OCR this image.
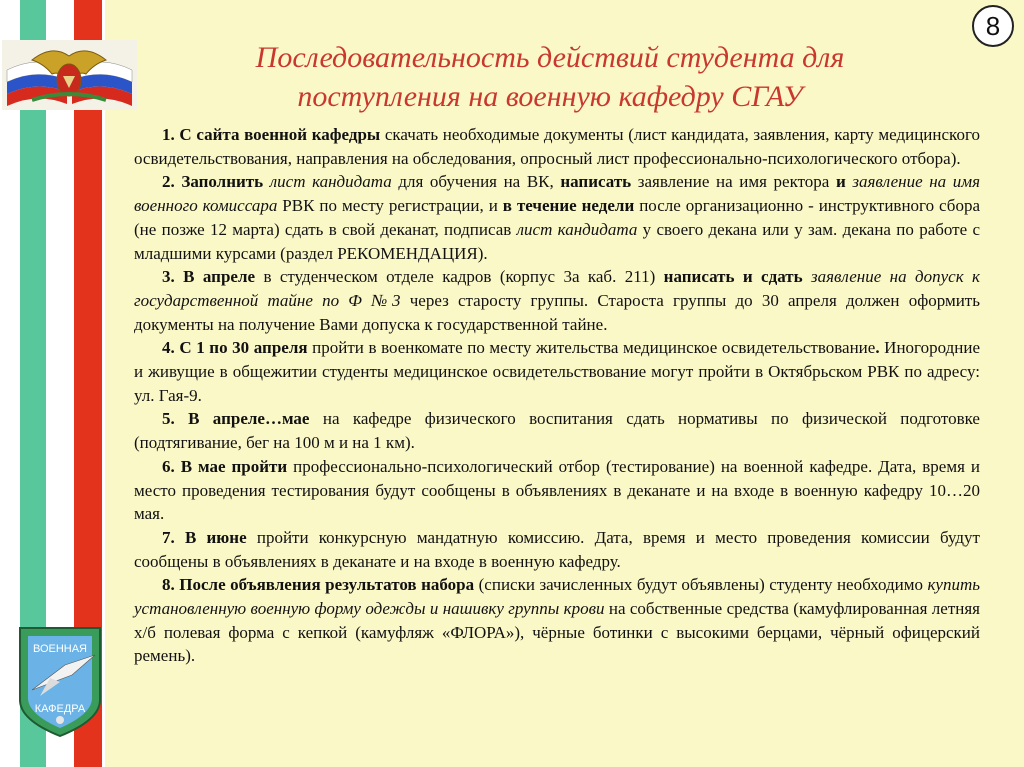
ВОЕННАЯ
КАФЕДРА
8
Последовательность действий студента для поступления на военную кафедру СГАУ

1. С сайта военной кафедры скачать необходимые документы (лист кандидата, заявления, карту медицинского освидетельствования, направления на обследования, опросный лист профессионально-психологического отбора).

2. Заполнить лист кандидата для обучения на ВК, написать заявление на имя ректора и заявление на имя военного комиссара РВК по месту регистрации, и в течение недели после организационно - инструктивного сбора (не позже 12 марта) сдать в свой деканат, подписав лист кандидата у своего декана или у зам. декана по работе с младшими курсами (раздел РЕКОМЕНДАЦИЯ).

3. В апреле в студенческом отделе кадров (корпус 3а каб. 211) написать и сдать заявление на допуск к государственной тайне по Ф №3 через старосту группы. Староста группы до 30 апреля должен оформить документы на получение Вами допуска к государственной тайне.

4. С 1 по 30 апреля пройти в военкомате по месту жительства медицинское освидетельствование. Иногородние и живущие в общежитии студенты медицинское освидетельствование могут пройти в Октябрьском РВК по адресу: ул. Гая-9.

5. В апреле…мае на кафедре физического воспитания сдать нормативы по физической подготовке (подтягивание, бег на 100 м и на 1 км).

6. В мае пройти профессионально-психологический отбор (тестирование) на военной кафедре. Дата, время и место проведения тестирования будут сообщены в объявлениях в деканате и на входе в военную кафедру 10…20 мая.

7. В июне пройти конкурсную мандатную комиссию. Дата, время и место проведения комиссии будут сообщены в объявлениях в деканате и на входе в военную кафедру.

8. После объявления результатов набора (списки зачисленных будут объявлены) студенту необходимо купить установленную военную форму одежды и нашивку группы крови на собственные средства (камуфлированная летняя х/б полевая форма с кепкой (камуфляж «ФЛОРА»), чёрные ботинки с высокими берцами, чёрный офицерский ремень).
